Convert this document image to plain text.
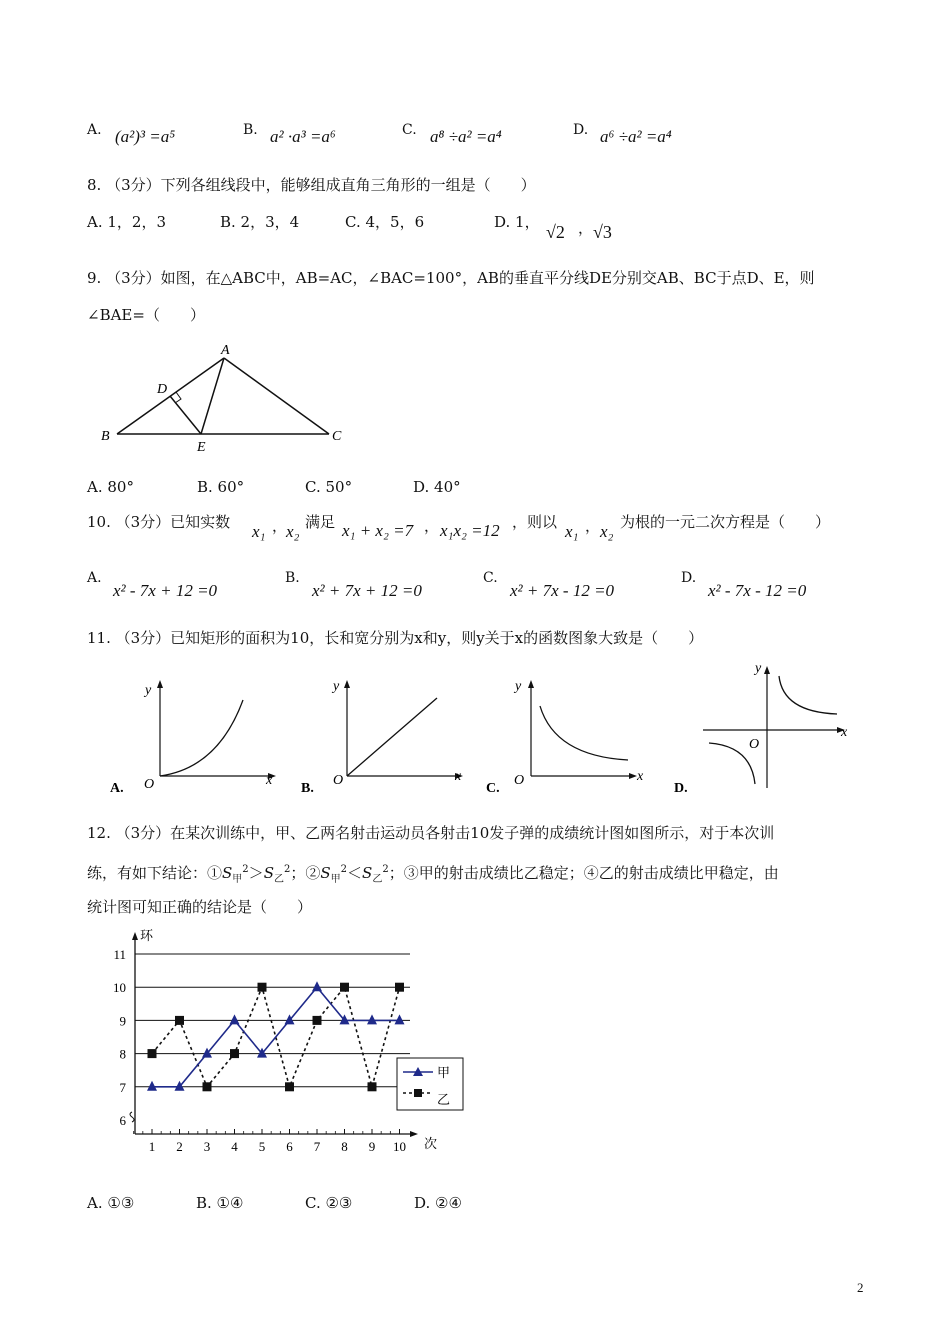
A. (a²)³ =a⁵	B. a² ·a³ =a⁶	C. a⁸ ÷a² =a⁴	D. a⁶ ÷a² =a⁴
8. （3分）下列各组线段中，能够组成直角三角形的一组是（　　）
A. 1，2，3	B. 2，3，4	C. 4，5，6	D. 1， √2 ， √3
9. （3分）如图，在△ABC中，AB=AC，∠BAC=100°，AB的垂直平分线DE分别交AB、BC于点D、E，则
∠BAE=（　　）
A
B	C
D
E
A. 80°	B. 60°	C. 50°	D. 40°
10. （3分）已知实数 x₁ ，
x₂ 满足 x₁ + x₂ =7 ， x₁x₂ =12 ，则以 x₁ ， x₂ 为根的一元二次方程是（　　）
A.
x² - 7x + 12 =0
B.
x² + 7x + 12 =0
C.
x² + 7x - 12 =0
D.
x² - 7x - 12 =0
11. （3分）已知矩形的面积为10，长和宽分别为x和y，则y关于x的函数图象大致是（　　）
y
x
O
A.
y
x
O
B.
y
x
O
C.
y
x
O
D.
12. （3分）在某次训练中，甲、乙两名射击运动员各射击10发子弹的成绩统计图如图所示，对于本次训
练，有如下结论：$①S_甲^2>S_乙^2$；$②S_甲^2<S_乙^2$；③甲的射击成绩比乙稳定；④乙的射击成绩比甲稳定，由
统计图可知正确的结论是（　　）
环
次
6
7
8
9
10
11
1 2 3 4 5 6 7 8 9 10
甲
乙
A. ①③	B. ①④	C. ②③	D. ②④
2
